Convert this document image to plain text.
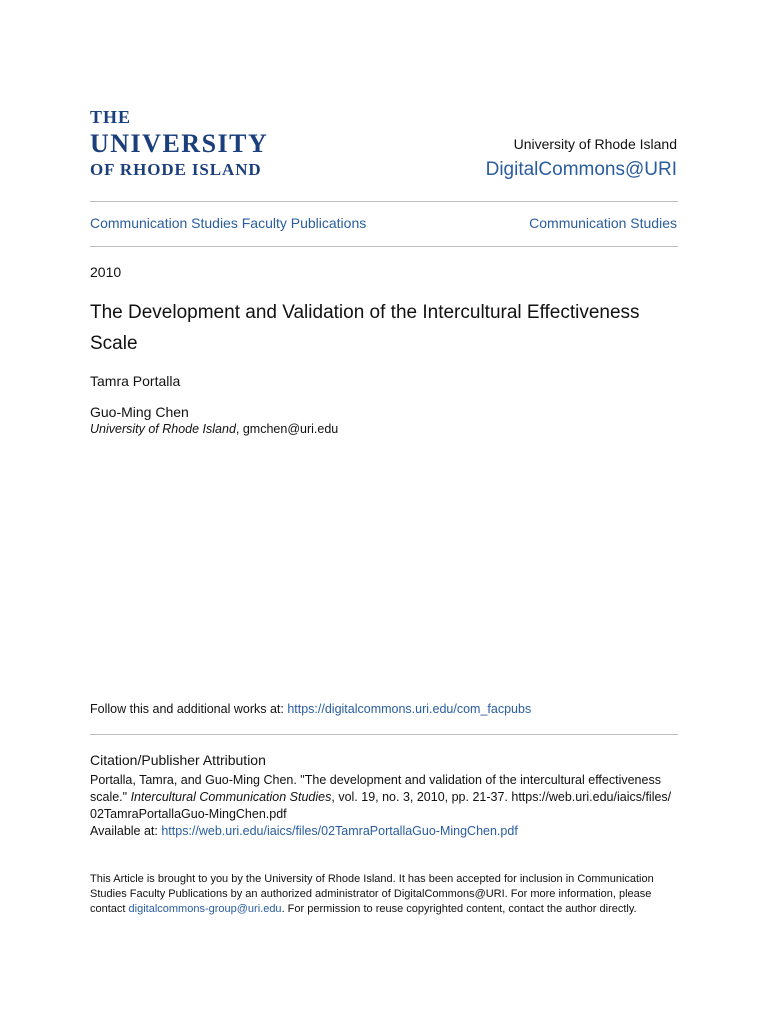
THE
UNIVERSITY
OF RHODE ISLAND
University of Rhode Island
DigitalCommons@URI
Communication Studies Faculty Publications	Communication Studies
2010
The Development and Validation of the Intercultural Effectiveness Scale
Tamra Portalla
Guo-Ming Chen
University of Rhode Island, gmchen@uri.edu
Follow this and additional works at: https://digitalcommons.uri.edu/com_facpubs
Citation/Publisher Attribution
Portalla, Tamra, and Guo-Ming Chen. "The development and validation of the intercultural effectiveness scale." Intercultural Communication Studies, vol. 19, no. 3, 2010, pp. 21-37. https://web.uri.edu/iaics/files/ 02TamraPortallaGuo-MingChen.pdf
Available at: https://web.uri.edu/iaics/files/02TamraPortallaGuo-MingChen.pdf
This Article is brought to you by the University of Rhode Island. It has been accepted for inclusion in Communication Studies Faculty Publications by an authorized administrator of DigitalCommons@URI. For more information, please contact digitalcommons-group@uri.edu. For permission to reuse copyrighted content, contact the author directly.
